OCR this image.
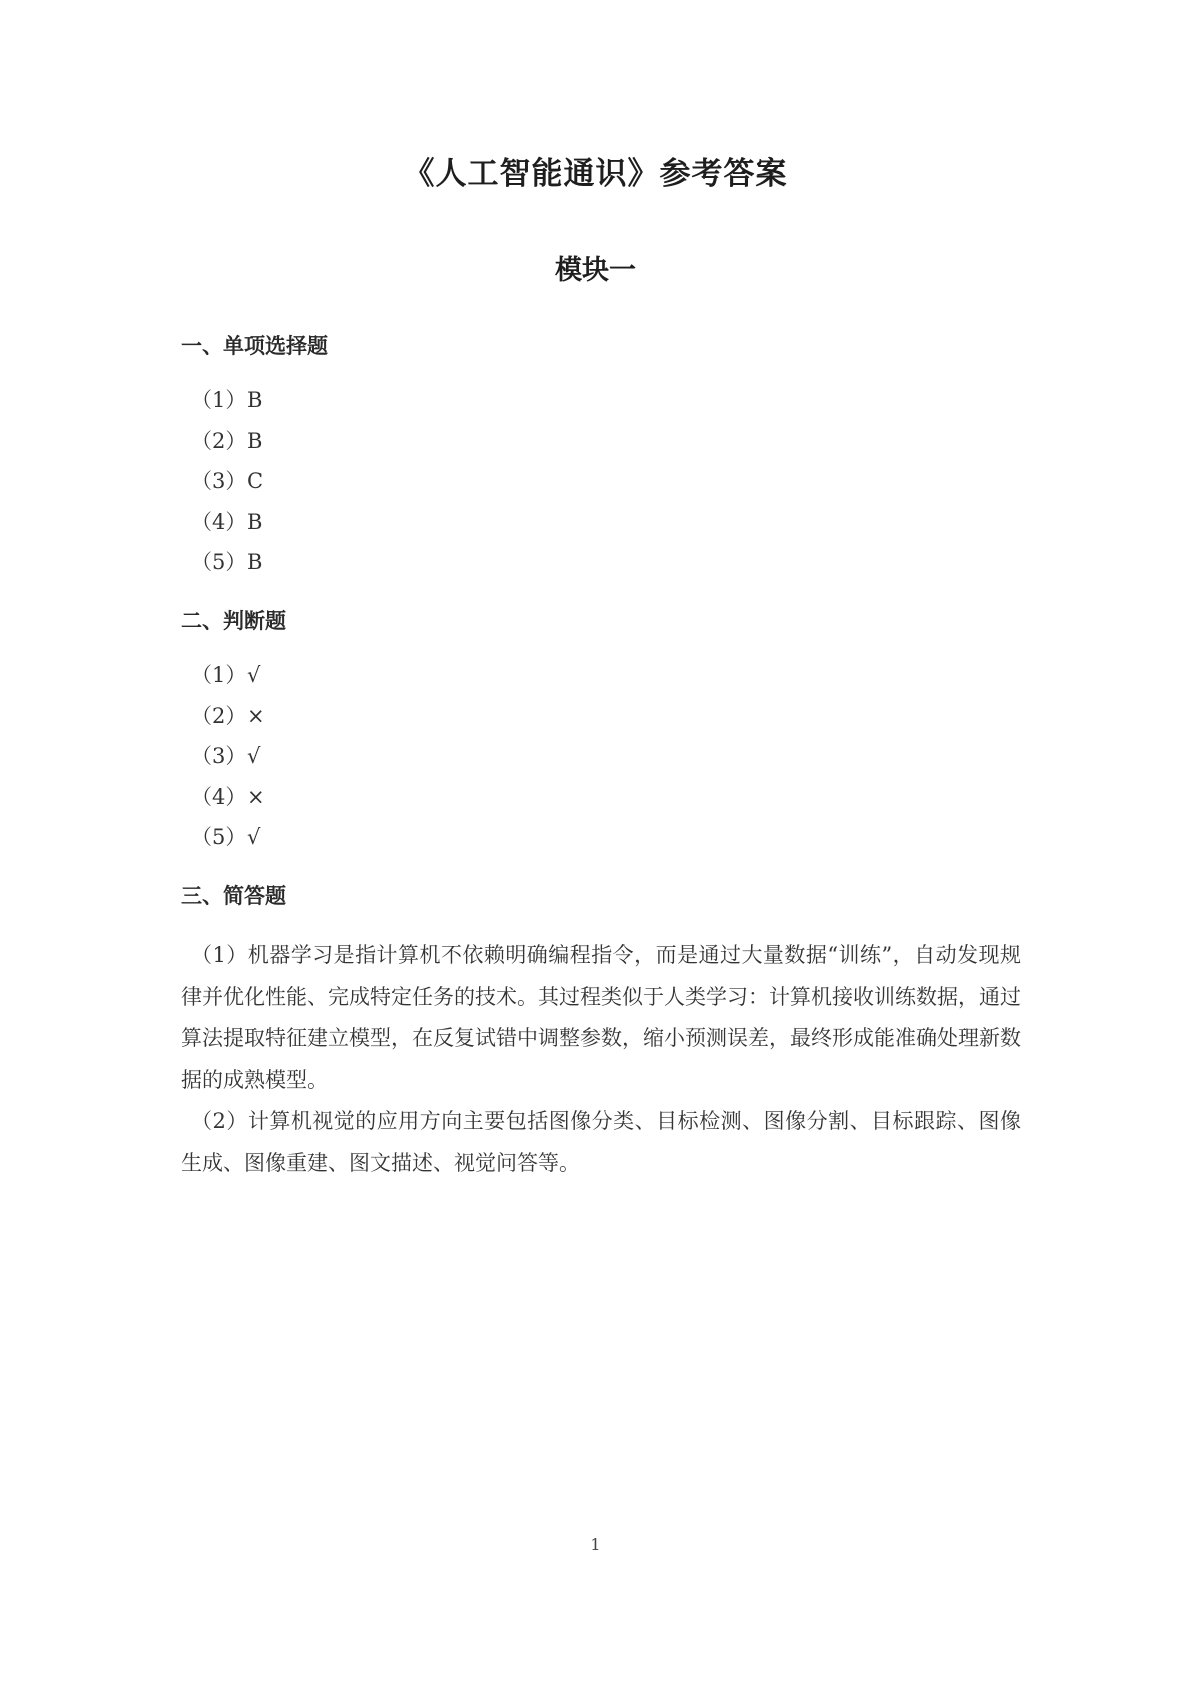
《人工智能通识》参考答案
模块一
一、单项选择题
（1）B
（2）B
（3）C
（4）B
（5）B
二、判断题
（1）√
（2）×
（3）√
（4）×
（5）√
三、简答题

（1）机器学习是指计算机不依赖明确编程指令，而是通过大量数据“训练”，自动发现规律并优化性能、完成特定任务的技术。其过程类似于人类学习：计算机接收训练数据，通过算法提取特征建立模型，在反复试错中调整参数，缩小预测误差，最终形成能准确处理新数据的成熟模型。

（2）计算机视觉的应用方向主要包括图像分类、目标检测、图像分割、目标跟踪、图像生成、图像重建、图文描述、视觉问答等。

1
